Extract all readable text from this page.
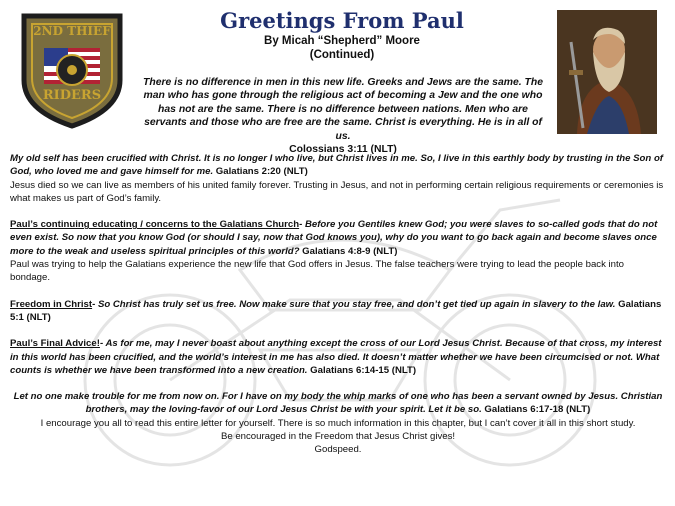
2ND THIEF
RIDERS
Greetings From Paul
By Micah “Shepherd” Moore
(Continued)
There is no difference in men in this new life. Greeks and Jews are the same. The man who has gone through the religious act of becoming a Jew and the one who has not are the same. There is no difference between nations. Men who are servants and those who are free are the same. Christ is everything. He is in all of us.
Colossians 3:11 (NLT)

My old self has been crucified with Christ. It is no longer I who live, but Christ lives in me. So, I live in this earthly body by trusting in the Son of God, who loved me and gave himself for me. Galatians 2:20 (NLT)

Jesus died so we can live as members of his united family forever. Trusting in Jesus, and not in performing certain religious requirements or ceremonies is what makes us part of God’s family.

Paul’s continuing educating / concerns to the Galatians Church- Before you Gentiles knew God; you were slaves to so-called gods that do not even exist. So now that you know God (or should I say, now that God knows you), why do you want to go back again and become slaves once more to the weak and useless spiritual principles of this world? Galatians 4:8-9 (NLT)

Paul was trying to help the Galatians experience the new life that God offers in Jesus. The false teachers were trying to lead the people back into bondage.

Freedom in Christ- So Christ has truly set us free. Now make sure that you stay free, and don’t get tied up again in slavery to the law. Galatians 5:1 (NLT)

Paul’s Final Advice!- As for me, may I never boast about anything except the cross of our Lord Jesus Christ. Because of that cross, my interest in this world has been crucified, and the world’s interest in me has also died. It doesn’t matter whether we have been circumcised or not. What counts is whether we have been transformed into a new creation. Galatians 6:14-15 (NLT)

Let no one make trouble for me from now on. For I have on my body the whip marks of one who has been a servant owned by Jesus. Christian brothers, may the loving-favor of our Lord Jesus Christ be with your spirit. Let it be so. Galatians 6:17-18 (NLT)

I encourage you all to read this entire letter for yourself. There is so much information in this chapter, but I can’t cover it all in this short study.

Be encouraged in the Freedom that Jesus Christ gives!

Godspeed.
